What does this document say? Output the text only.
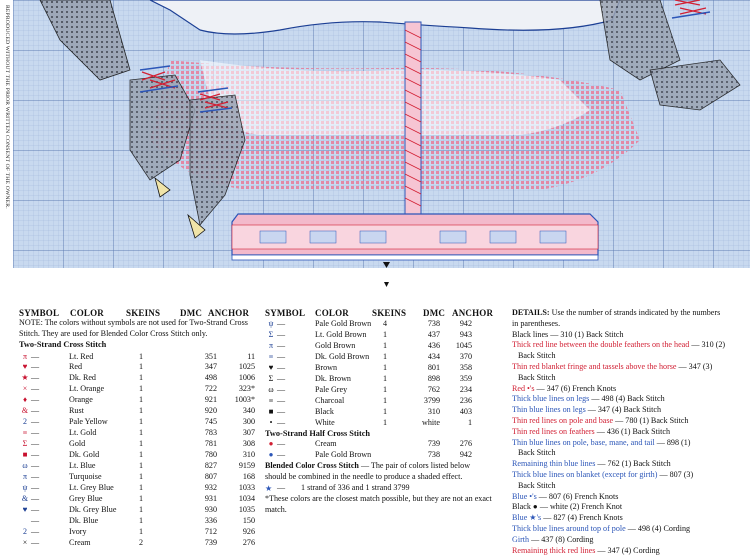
REPRODUCED WITHOUT THE PRIOR WRITTEN CONSENT OF THE OWNER.
SYMBOL COLOR SKEINS DMC ANCHOR
NOTE: The colors without symbols are not used for Two-Strand Cross Stitch. They are used for Blended Color Cross Stitch only.
Two-Strand Cross Stitch
π —	Lt. Red	1	351	11
♥ —	Red	1	347	1025
★ —	Dk. Red	1	498	1006
× —	Lt. Orange	1	722	323*
♦ —	Orange	1	921	1003*
& —	Rust	1	920	340
2 —	Pale Yellow	1	745	300
≡ —	Lt. Gold	1	783	307
Σ —	Gold	1	781	308
■ —	Dk. Gold	1	780	310
ω —	Lt. Blue	1	827	9159
π —	Turquoise	1	807	168
ψ —	Lt. Grey Blue	1	932	1033
& —	Grey Blue	1	931	1034
♥ —	Dk. Grey Blue	1	930	1035
—	Dk. Blue	1	336	150
2 —	Ivory	1	712	926
× —	Cream	2	739	276
SYMBOL COLOR	SKEINS DMC ANCHOR
ψ —	Pale Gold Brown 4	738	942
Σ —	Lt. Gold Brown 1	437	943
π —	Gold Brown	1	436	1045
≡ —	Dk. Gold Brown 1	434	370
♥ —	Brown	1	801	358
Σ —	Dk. Brown	1	898	359
ω —	Pale Grey	1	762	234
≡ —	Charcoal	1	3799	236
■ —	Black	1	310	403
• —	White	1	white	1
Two-Strand Half Cross Stitch
● —	Cream	739	276
● —	Pale Gold Brown	738	942
Blended Color Cross Stitch — The pair of colors listed below
should be combined in the needle to produce a shaded effect.
★ — 1 strand of 336 and 1 strand 3799
*These colors are the closest match possible, but they are not an exact match.
DETAILS: Use the number of strands indicated by the numbers
in parentheses.
Black lines — 310 (1) Back Stitch
Thick red line between the double feathers on the head — 310 (2)
Back Stitch
Thin red blanket fringe and tassels above the horse — 347 (3)
Back Stitch
Red •'s — 347 (6) French Knots
Thick blue lines on legs — 498 (4) Back Stitch
Thin blue lines on legs — 347 (4) Back Stitch
Thin red lines on pole and base — 780 (1) Back Stitch
Thin red lines on feathers — 436 (1) Back Stitch
Thin blue lines on pole, base, mane, and tail — 898 (1)
Back Stitch
Remaining thin blue lines — 762 (1) Back Stitch
Thick blue lines on blanket (except for girth) — 807 (3)
Back Stitch
Blue •'s — 807 (6) French Knots
Black ● — white (2) French Knot
Blue ★'s — 827 (4) French Knots
Thick blue lines around top of pole — 498 (4) Cording
Girth — 437 (8) Cording
Remaining thick red lines — 347 (4) Cording
